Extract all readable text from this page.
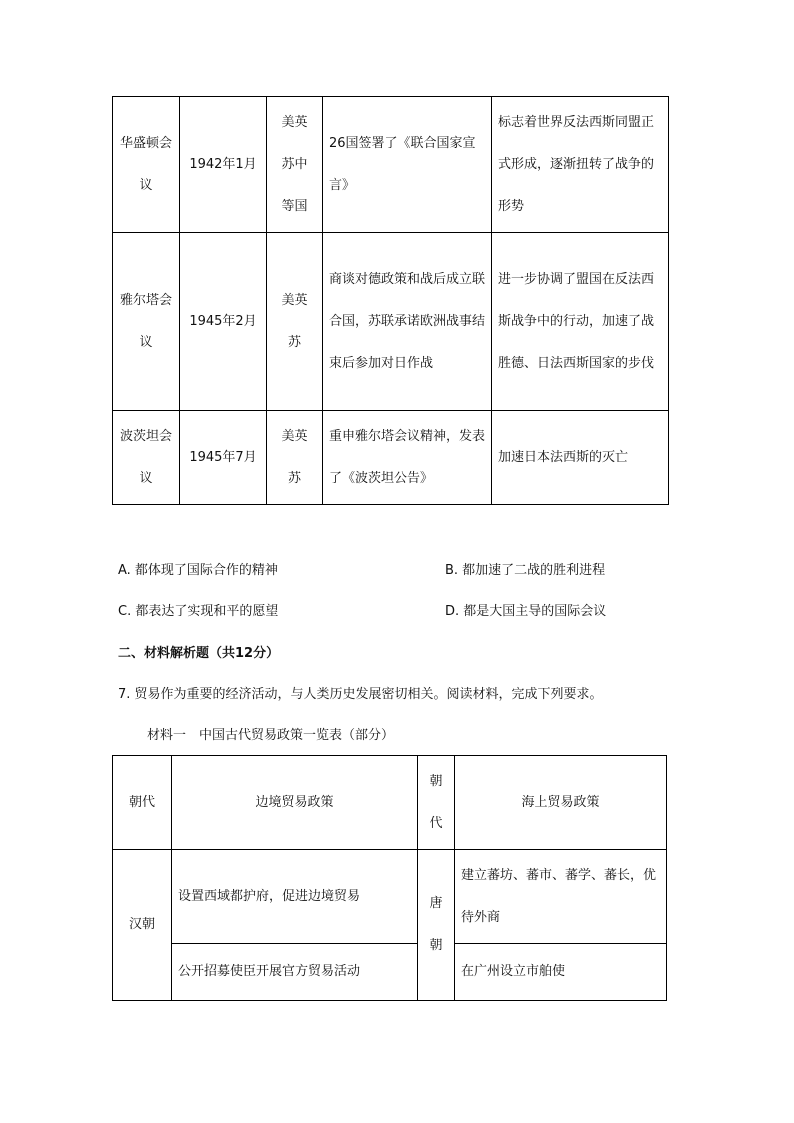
华盛顿会议	1942年1月	美英苏中等国	26国签署了《联合国家宣言》	标志着世界反法西斯同盟正式形成，逐渐扭转了战争的形势
雅尔塔会议	1945年2月	美英苏	商谈对德政策和战后成立联合国，苏联承诺欧洲战事结束后参加对日作战	进一步协调了盟国在反法西斯战争中的行动，加速了战胜德、日法西斯国家的步伐
波茨坦会议	1945年7月	美英苏	重申雅尔塔会议精神，发表了《波茨坦公告》	加速日本法西斯的灭亡
A. 都体现了国际合作的精神	B. 都加速了二战的胜利进程
C. 都表达了实现和平的愿望	D. 都是大国主导的国际会议
二、材料解析题（共12分）
7. 贸易作为重要的经济活动，与人类历史发展密切相关。阅读材料，完成下列要求。
材料一　中国古代贸易政策一览表（部分）
朝代	边境贸易政策	朝代	海上贸易政策
汉朝	设置西域都护府，促进边境贸易	唐朝	建立蕃坊、蕃市、蕃学、蕃长，优待外商
	公开招募使臣开展官方贸易活动		在广州设立市舶使
